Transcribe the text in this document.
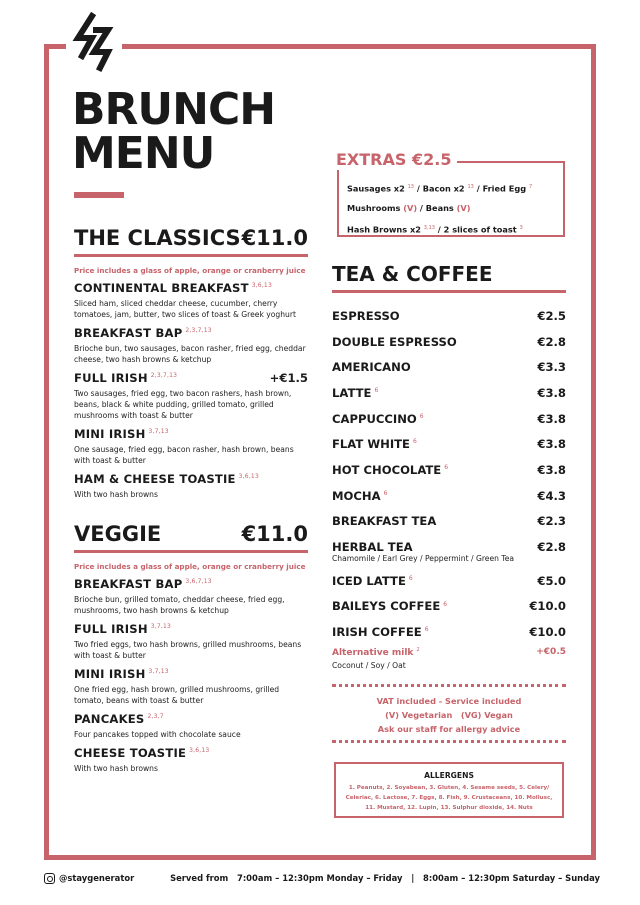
BRUNCH
MENU
THE CLASSICS €11.0
Price includes a glass of apple, orange or cranberry juice
CONTINENTAL BREAKFAST $^{3,6,13}$
Sliced ham, sliced cheddar cheese, cucumber, cherry tomatoes, jam, butter, two slices of toast & Greek yoghurt
BREAKFAST BAP $^{2,3,7,13}$
Brioche bun, two sausages, bacon rasher, fried egg, cheddar cheese, two hash browns & ketchup
FULL IRISH $^{2,3,7,13}$	+€1.5
Two sausages, fried egg, two bacon rashers, hash brown, beans, black & white pudding, grilled tomato, grilled mushrooms with toast & butter
MINI IRISH $^{3,7,13}$
One sausage, fried egg, bacon rasher, hash brown, beans with toast & butter
HAM & CHEESE TOASTIE $^{3,6,13}$
With two hash browns
VEGGIE	€11.0
Price includes a glass of apple, orange or cranberry juice
BREAKFAST BAP $^{3,6,7,13}$
Brioche bun, grilled tomato, cheddar cheese, fried egg, mushrooms, two hash browns & ketchup
FULL IRISH $^{3,7,13}$
Two fried eggs, two hash browns, grilled mushrooms, beans with toast & butter
MINI IRISH $^{3,7,13}$
One fried egg, hash brown, grilled mushrooms, grilled tomato, beans with toast & butter
PANCAKES $^{2,3,7}$
Four pancakes topped with chocolate sauce
CHEESE TOASTIE $^{3,6,13}$
With two hash browns
EXTRAS €2.5
Sausages x2 $^{13}$ / Bacon x2 $^{13}$ / Fried Egg $^7$
Mushrooms (V) / Beans (V)
Hash Browns x2 $^{3,13}$ / 2 slices of toast $^3$
TEA & COFFEE
ESPRESSO	€2.5
DOUBLE ESPRESSO	€2.8
AMERICANO	€3.3
LATTE $^6$	€3.8
CAPPUCCINO $^6$	€3.8
FLAT WHITE $^6$	€3.8
HOT CHOCOLATE $^6$	€3.8
MOCHA $^6$	€4.3
BREAKFAST TEA	€2.3
HERBAL TEA	€2.8
Chamomile / Earl Grey / Peppermint / Green Tea
ICED LATTE $^6$	€5.0
BAILEYS COFFEE $^6$	€10.0
IRISH COFFEE $^6$	€10.0
Alternative milk $^2$	+€0.5
Coconut / Soy / Oat
VAT included - Service included
(V) Vegetarian   (VG) Vegan
Ask our staff for allergy advice
ALLERGENS
1. Peanuts, 2. Soyabean, 3. Gluten, 4. Sesame seeds, 5. Celery/ Celeriac, 6. Lactose, 7. Eggs, 8. Fish, 9. Crustaceans, 10. Mollusc, 11. Mustard, 12. Lupin, 13. Sulphur dioxide, 14. Nuts
@staygenerator	Served from   7:00am – 12:30pm Monday – Friday   |   8:00am – 12:30pm Saturday – Sunday
